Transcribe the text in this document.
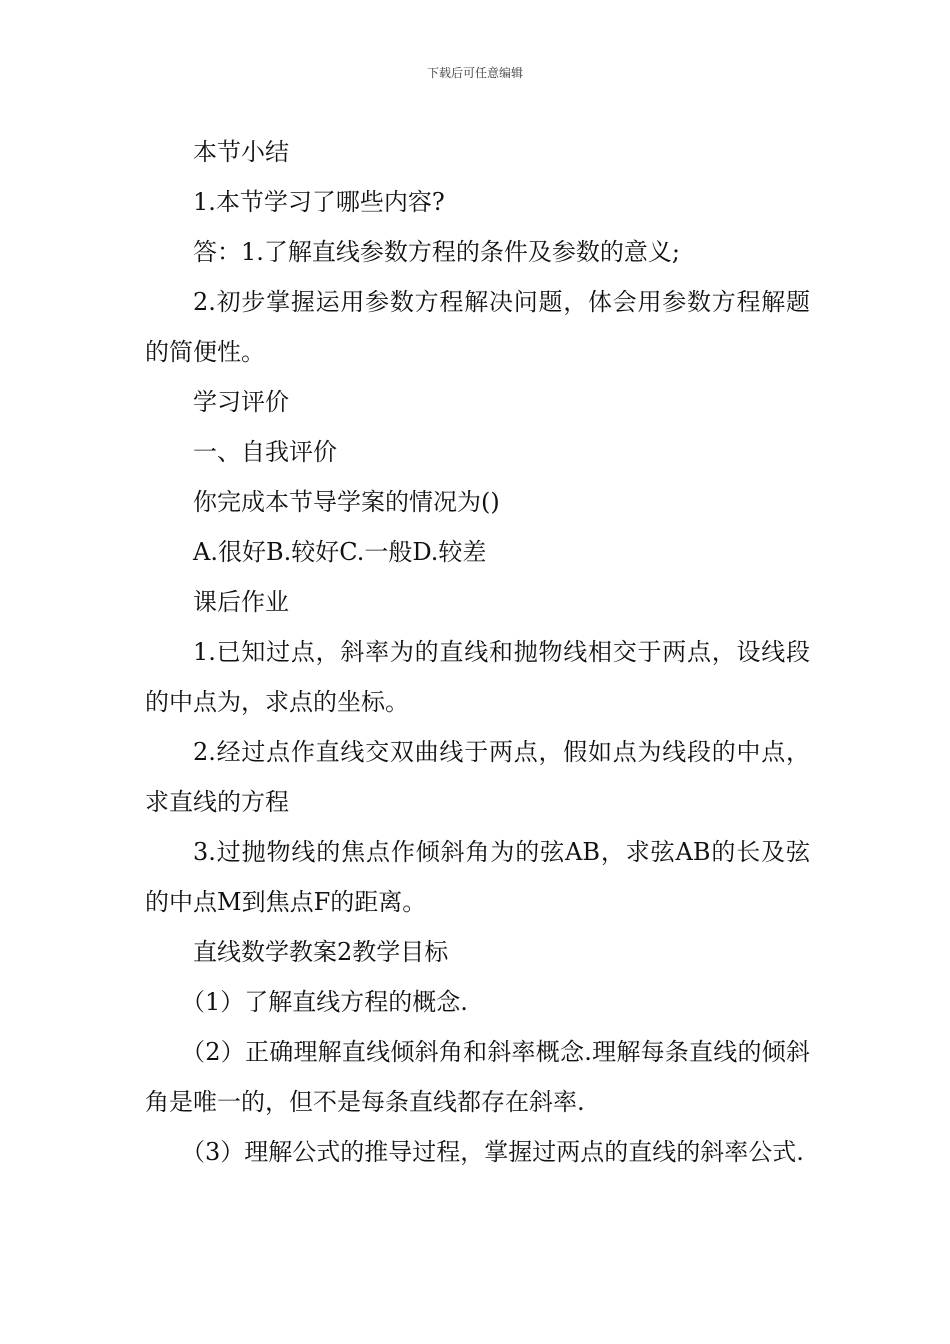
下载后可任意编辑

本节小结

1.本节学习了哪些内容?

答：1.了解直线参数方程的条件及参数的意义;

2.初步掌握运用参数方程解决问题，体会用参数方程解题的简便性。

学习评价

一、自我评价

你完成本节导学案的情况为()

A.很好B.较好C.一般D.较差

课后作业

1.已知过点，斜率为的直线和抛物线相交于两点，设线段的中点为，求点的坐标。

2.经过点作直线交双曲线于两点，假如点为线段的中点，求直线的方程

3.过抛物线的焦点作倾斜角为的弦AB，求弦AB的长及弦的中点M到焦点F的距离。

直线数学教案2教学目标

（1）了解直线方程的概念.

（2）正确理解直线倾斜角和斜率概念.理解每条直线的倾斜角是唯一的，但不是每条直线都存在斜率.

（3）理解公式的推导过程，掌握过两点的直线的斜率公式.
